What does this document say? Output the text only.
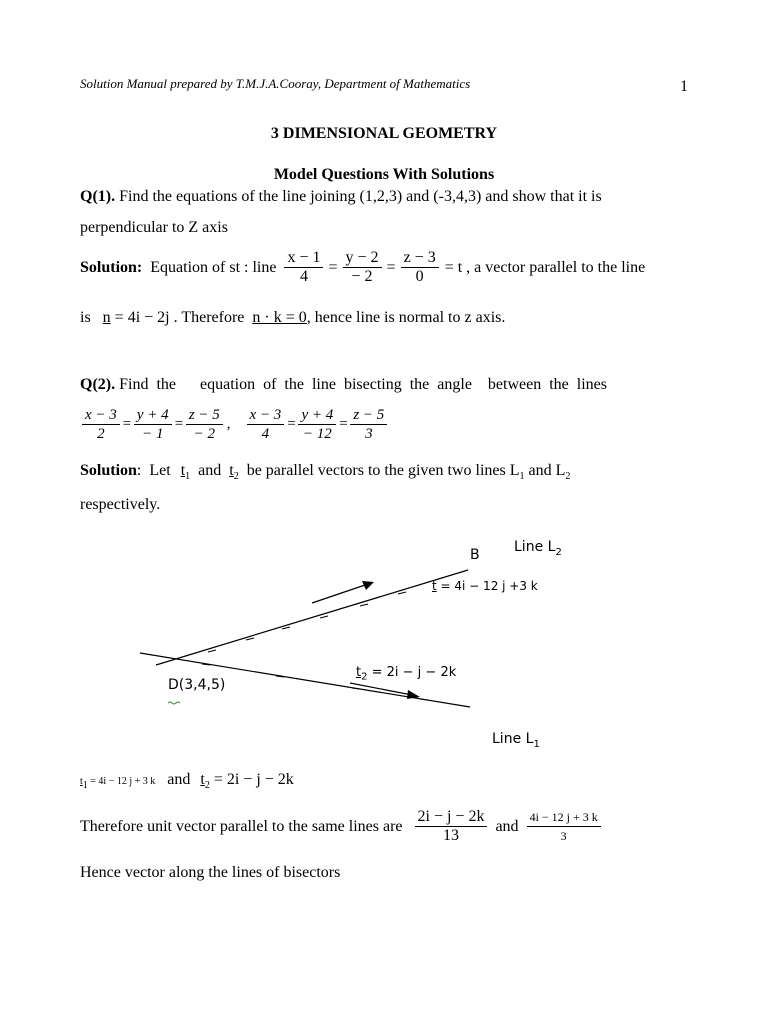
Solution Manual prepared by T.M.J.A.Cooray, Department of Mathematics	1
3 DIMENSIONAL GEOMETRY
Model Questions With Solutions
Q(1). Find the equations of the line joining (1,2,3) and (-3,4,3) and show that it is
perpendicular to Z axis
Solution: Equation of st : line $\frac{x - 1}{4} = \frac{y - 2}{- 2} = \frac{z - 3}{0} = t$ , a vector parallel to the line
is n = 4i − 2j . Therefore n · k = 0, hence line is normal to z axis.
Q(2). Find  the      equation  of  the  line  bisecting  the  angle    between  the  lines
$\frac{x - 3}{2} = \frac{y + 4}{- 1} = \frac{z - 5}{- 2}$ , $\frac{x - 3}{4} = \frac{y + 4}{- 12} = \frac{z - 5}{3}$
Solution:  Let $t_1$ and $t_2$ be parallel vectors to the given two lines $L_1$ and $L_2$
respectively.
B Line $L_2$
t = 4i − 12 j +3 k
$t_2 = 2i - j - 2k$
D(3,4,5)
Line $L_1$
$t_1 = 4i - 12$ j + 3 k and $t_2 = 2i - j - 2k$
Therefore unit vector parallel to the same lines are $\frac{2i - j - 2k}{13}$ and $\frac{4i - 12 j + 3 k}{3}$
Hence vector along the lines of bisectors
